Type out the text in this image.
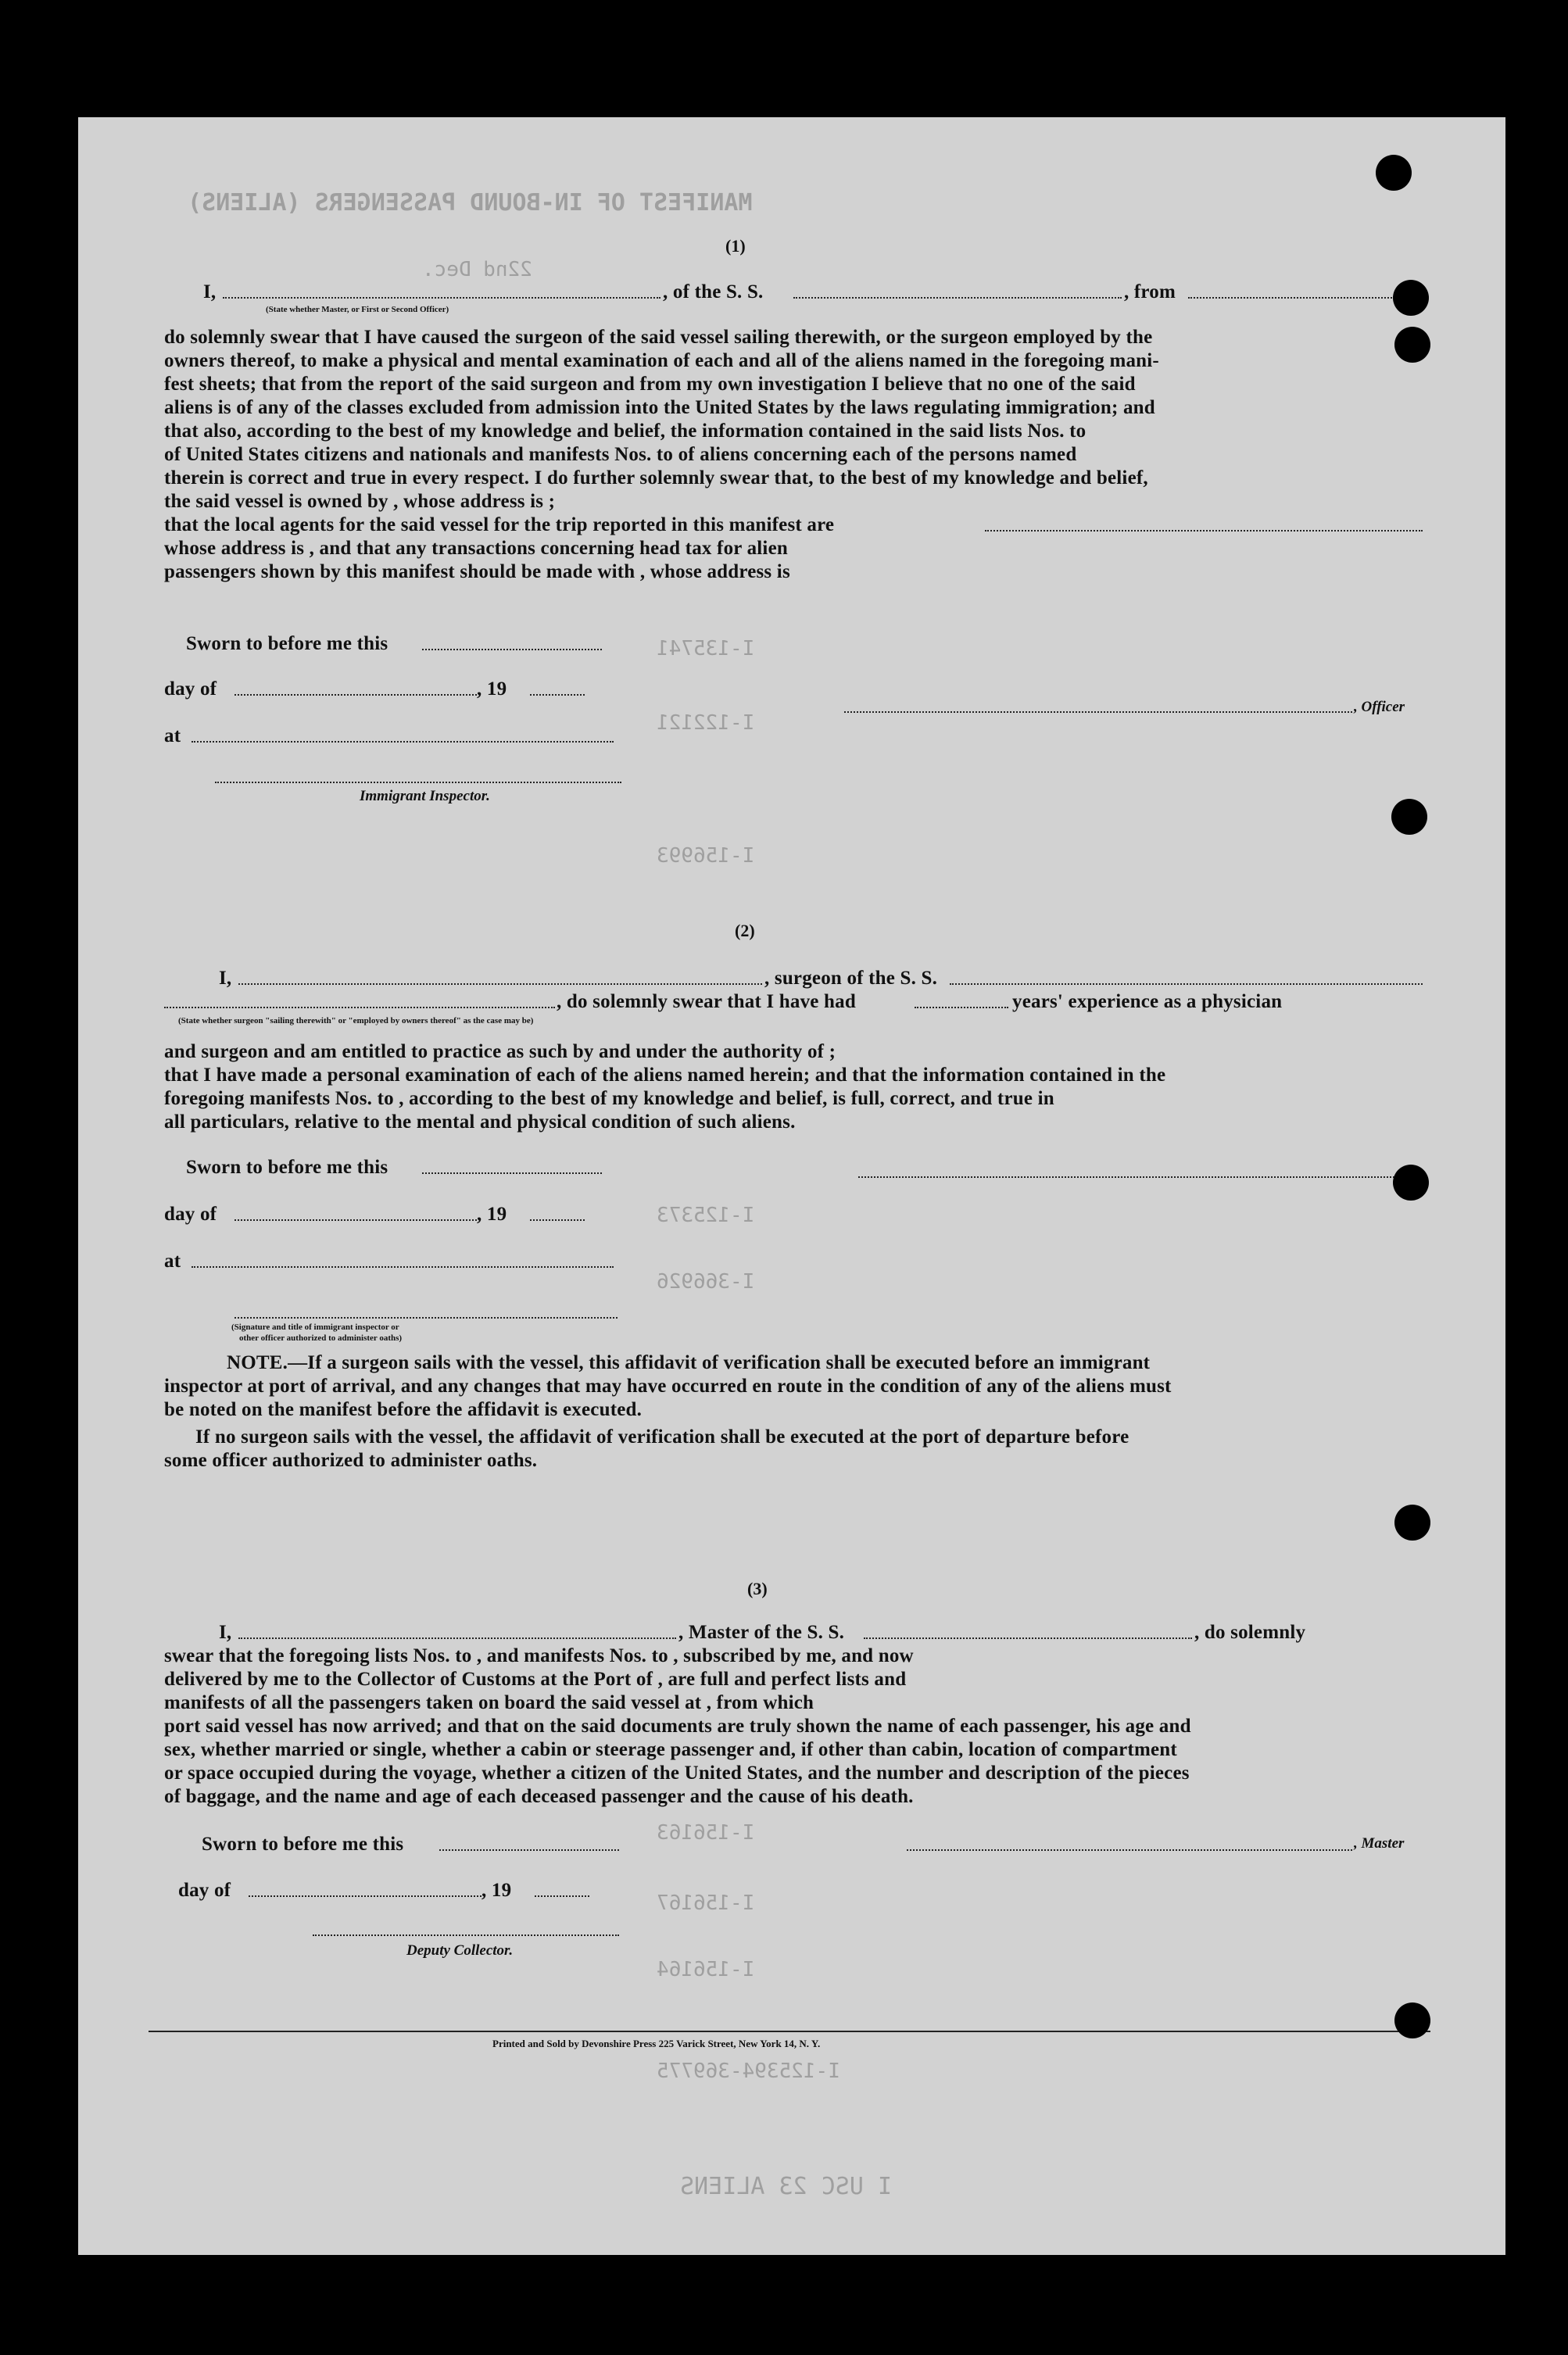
MANIFEST OF IN-BOUND PASSENGERS (ALIENS)
22nd Dec.
I-135741
I-122121
I-156993
I-125373
I-366926
I-156163
I-156167
I-156164
I-125394-369775
I USC 23 ALIENS
(1)
I,	, of the S. S.	, from
(State whether Master, or First or Second Officer)
do solemnly swear that I have caused the surgeon of the said vessel sailing therewith, or the surgeon employed by the
owners thereof, to make a physical and mental examination of each and all of the aliens named in the foregoing mani-
fest sheets; that from the report of the said surgeon and from my own investigation I believe that no one of the said
aliens is of any of the classes excluded from admission into the United States by the laws regulating immigration; and
that also, according to the best of my knowledge and belief, the information contained in the said lists Nos. to
of United States citizens and nationals and manifests Nos. to of aliens concerning each of the persons named
therein is correct and true in every respect. I do further solemnly swear that, to the best of my knowledge and belief,
the said vessel is owned by , whose address is ;
that the local agents for the said vessel for the trip reported in this manifest are
whose address is , and that any transactions concerning head tax for alien
passengers shown by this manifest should be made with , whose address is
Sworn to before me this
day of	, 19
at
, Officer
Immigrant Inspector.
(2)
I,	, surgeon of the S. S.
, do solemnly swear that I have had	years' experience as a physician
(State whether surgeon "sailing therewith" or "employed by owners thereof" as the case may be)
and surgeon and am entitled to practice as such by and under the authority of ;
that I have made a personal examination of each of the aliens named herein; and that the information contained in the
foregoing manifests Nos. to , according to the best of my knowledge and belief, is full, correct, and true in
all particulars, relative to the mental and physical condition of such aliens.
Sworn to before me this
day of	, 19
at
(Signature and title of immigrant inspector or
other officer authorized to administer oaths)
NOTE.—If a surgeon sails with the vessel, this affidavit of verification shall be executed before an immigrant
inspector at port of arrival, and any changes that may have occurred en route in the condition of any of the aliens must
be noted on the manifest before the affidavit is executed.
If no surgeon sails with the vessel, the affidavit of verification shall be executed at the port of departure before
some officer authorized to administer oaths.
(3)
I,	, Master of the S. S.	, do solemnly
swear that the foregoing lists Nos. to , and manifests Nos. to , subscribed by me, and now
delivered by me to the Collector of Customs at the Port of , are full and perfect lists and
manifests of all the passengers taken on board the said vessel at , from which
port said vessel has now arrived; and that on the said documents are truly shown the name of each passenger, his age and
sex, whether married or single, whether a cabin or steerage passenger and, if other than cabin, location of compartment
or space occupied during the voyage, whether a citizen of the United States, and the number and description of the pieces
of baggage, and the name and age of each deceased passenger and the cause of his death.
Sworn to before me this
day of	, 19
, Master
Deputy Collector.
Printed and Sold by Devonshire Press 225 Varick Street, New York 14, N. Y.
